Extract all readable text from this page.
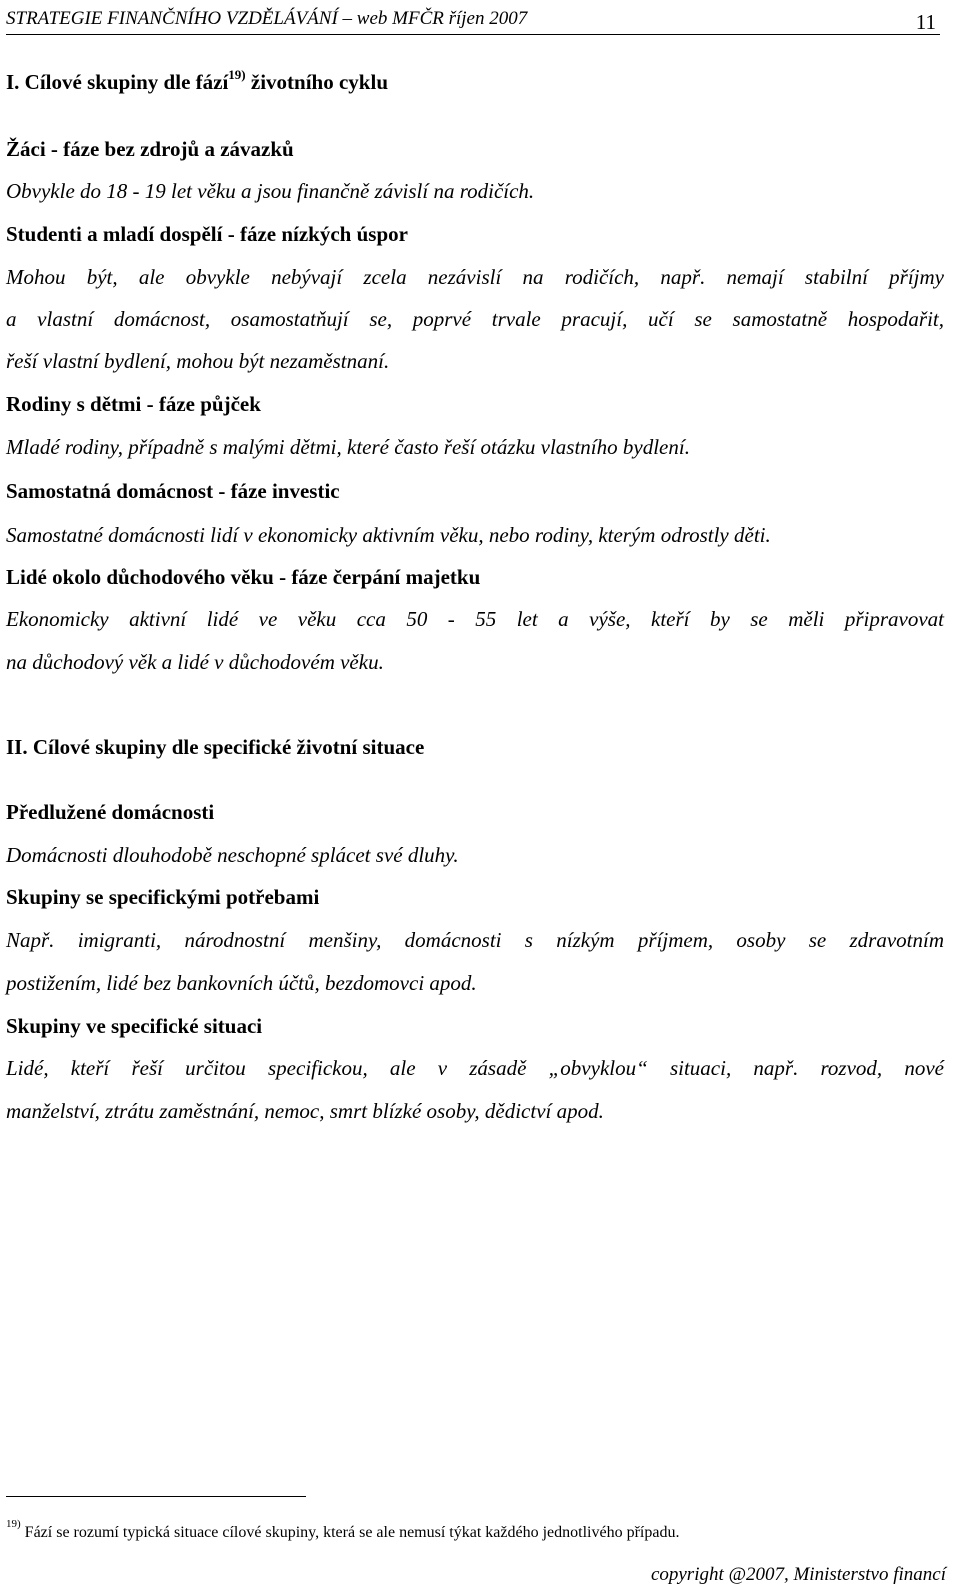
STRATEGIE FINANČNÍHO VZDĚLÁVÁNÍ – web MFČR říjen 2007	11
I. Cílové skupiny dle fází$^{19)}$ životního cyklu
Žáci - fáze bez zdrojů a závazků
Obvykle do 18 - 19 let věku a jsou finančně závislí na rodičích.
Studenti a mladí dospělí - fáze nízkých úspor
Mohou být, ale obvykle nebývají zcela nezávislí na rodičích, např. nemají stabilní příjmy
a vlastní domácnost, osamostatňují se, poprvé trvale pracují, učí se samostatně hospodařit,
řeší vlastní bydlení, mohou být nezaměstnaní.
Rodiny s dětmi - fáze půjček
Mladé rodiny, případně s malými dětmi, které často řeší otázku vlastního bydlení.
Samostatná domácnost - fáze investic
Samostatné domácnosti lidí v ekonomicky aktivním věku, nebo rodiny, kterým odrostly děti.
Lidé okolo důchodového věku - fáze čerpání majetku
Ekonomicky aktivní lidé ve věku cca 50 - 55 let a výše, kteří by se měli připravovat
na důchodový věk a lidé v důchodovém věku.
II. Cílové skupiny dle specifické životní situace
Předlužené domácnosti
Domácnosti dlouhodobě neschopné splácet své dluhy.
Skupiny se specifickými potřebami
Např. imigranti, národnostní menšiny, domácnosti s nízkým příjmem, osoby se zdravotním
postižením, lidé bez bankovních účtů, bezdomovci apod.
Skupiny ve specifické situaci
Lidé, kteří řeší určitou specifickou, ale v zásadě „obvyklou“ situaci, např. rozvod, nové
manželství, ztrátu zaměstnání, nemoc, smrt blízké osoby, dědictví apod.
$^{19)}$ Fází se rozumí typická situace cílové skupiny, která se ale nemusí týkat každého jednotlivého případu.
copyright @2007, Ministerstvo financí
